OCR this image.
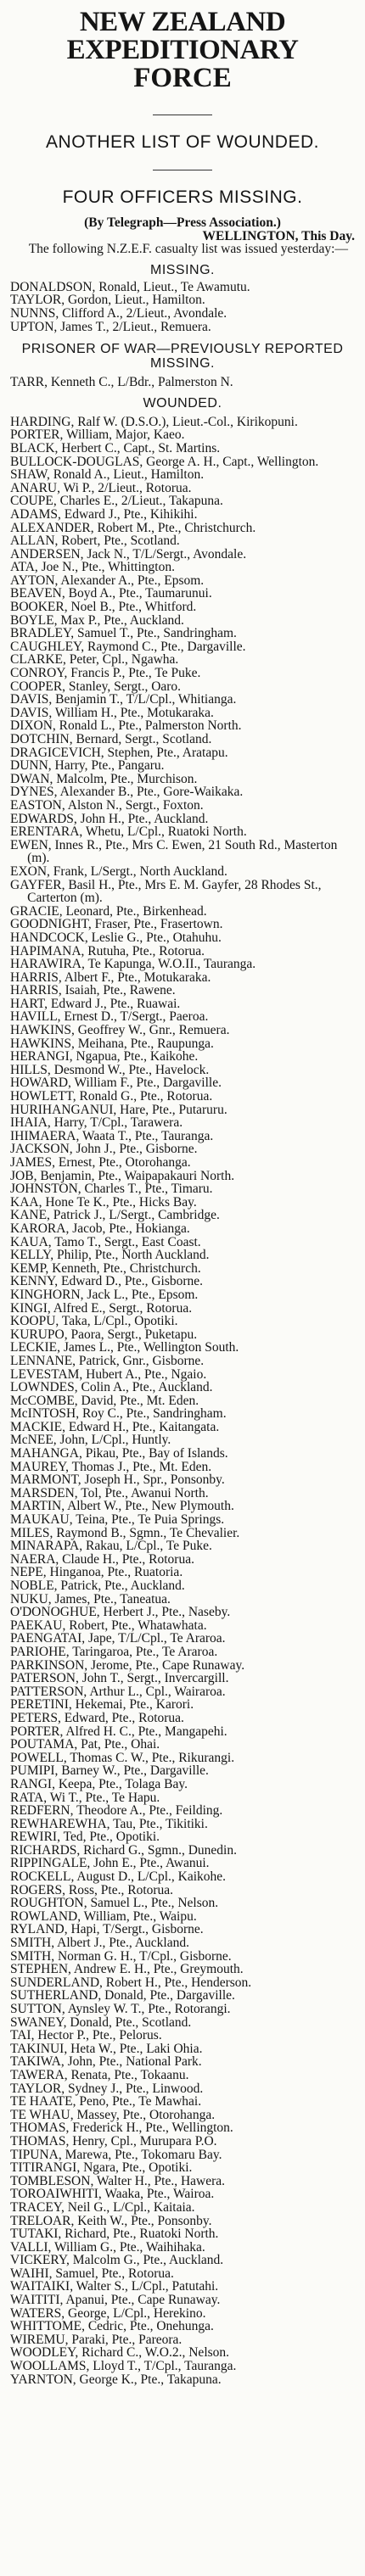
NEW ZEALAND EXPEDITIONARY
FORCE
ANOTHER LIST OF WOUNDED.
FOUR OFFICERS MISSING.
(By Telegraph—Press Association.)
WELLINGTON, This Day.
The following N.Z.E.F. casualty list was issued yesterday:—
MISSING.
DONALDSON, Ronald, Lieut., Te Awamutu.
TAYLOR, Gordon, Lieut., Hamilton.
NUNNS, Clifford A., 2/Lieut., Avondale.
UPTON, James T., 2/Lieut., Remuera.
PRISONER OF WAR—PREVIOUSLY REPORTED MISSING.
TARR, Kenneth C., L/Bdr., Palmerston N.
WOUNDED.
HARDING, Ralf W. (D.S.O.), Lieut.-Col., Kirikopuni.
PORTER, William, Major, Kaeo.
BLACK, Herbert C., Capt., St. Martins.
BULLOCK-DOUGLAS, George A. H., Capt., Wellington.
SHAW, Ronald A., Lieut., Hamilton.
ANARU, Wi P., 2/Lieut., Rotorua.
COUPE, Charles E., 2/Lieut., Takapuna.
ADAMS, Edward J., Pte., Kihikihi.
ALEXANDER, Robert M., Pte., Christchurch.
ALLAN, Robert, Pte., Scotland.
ANDERSEN, Jack N., T/L/Sergt., Avondale.
ATA, Joe N., Pte., Whittington.
AYTON, Alexander A., Pte., Epsom.
BEAVEN, Boyd A., Pte., Taumarunui.
BOOKER, Noel B., Pte., Whitford.
BOYLE, Max P., Pte., Auckland.
BRADLEY, Samuel T., Pte., Sandringham.
CAUGHLEY, Raymond C., Pte., Dargaville.
CLARKE, Peter, Cpl., Ngawha.
CONROY, Francis P., Pte., Te Puke.
COOPER, Stanley, Sergt., Oaro.
DAVIS, Benjamin T., T/L/Cpl., Whitianga.
DAVIS, William H., Pte., Motukaraka.
DIXON, Ronald L., Pte., Palmerston North.
DOTCHIN, Bernard, Sergt., Scotland.
DRAGICEVICH, Stephen, Pte., Aratapu.
DUNN, Harry, Pte., Pangaru.
DWAN, Malcolm, Pte., Murchison.
DYNES, Alexander B., Pte., Gore-Waikaka.
EASTON, Alston N., Sergt., Foxton.
EDWARDS, John H., Pte., Auckland.
ERENTARA, Whetu, L/Cpl., Ruatoki North.
EWEN, Innes R., Pte., Mrs C. Ewen, 21 South Rd., Masterton (m).
EXON, Frank, L/Sergt., North Auckland.
GAYFER, Basil H., Pte., Mrs E. M. Gayfer, 28 Rhodes St., Carterton (m).
GRACIE, Leonard, Pte., Birkenhead.
GOODNIGHT, Fraser, Pte., Frasertown.
HANDCOCK, Leslie G., Pte., Otahuhu.
HAPIMANA, Rutuha, Pte., Rotorua.
HARAWIRA, Te Kapunga, W.O.II., Tauranga.
HARRIS, Albert F., Pte., Motukaraka.
HARRIS, Isaiah, Pte., Rawene.
HART, Edward J., Pte., Ruawai.
HAVILL, Ernest D., T/Sergt., Paeroa.
HAWKINS, Geoffrey W., Gnr., Remuera.
HAWKINS, Meihana, Pte., Raupunga.
HERANGI, Ngapua, Pte., Kaikohe.
HILLS, Desmond W., Pte., Havelock.
HOWARD, William F., Pte., Dargaville.
HOWLETT, Ronald G., Pte., Rotorua.
HURIHANGANUI, Hare, Pte., Putaruru.
IHAIA, Harry, T/Cpl., Tarawera.
IHIMAERA, Waata T., Pte., Tauranga.
JACKSON, John J., Pte., Gisborne.
JAMES, Ernest, Pte., Otorohanga.
JOB, Benjamin, Pte., Waipapakauri North.
JOHNSTON, Charles T., Pte., Timaru.
KAA, Hone Te K., Pte., Hicks Bay.
KANE, Patrick J., L/Sergt., Cambridge.
KARORA, Jacob, Pte., Hokianga.
KAUA, Tamo T., Sergt., East Coast.
KELLY, Philip, Pte., North Auckland.
KEMP, Kenneth, Pte., Christchurch.
KENNY, Edward D., Pte., Gisborne.
KINGHORN, Jack L., Pte., Epsom.
KINGI, Alfred E., Sergt., Rotorua.
KOOPU, Taka, L/Cpl., Opotiki.
KURUPO, Paora, Sergt., Puketapu.
LECKIE, James L., Pte., Wellington South.
LENNANE, Patrick, Gnr., Gisborne.
LEVESTAM, Hubert A., Pte., Ngaio.
LOWNDES, Colin A., Pte., Auckland.
McCOMBE, David, Pte., Mt. Eden.
McINTOSH, Roy C., Pte., Sandringham.
MACKIE, Edward H., Pte., Kaitangata.
McNEE, John, L/Cpl., Huntly.
MAHANGA, Pikau, Pte., Bay of Islands.
MAUREY, Thomas J., Pte., Mt. Eden.
MARMONT, Joseph H., Spr., Ponsonby.
MARSDEN, Tol, Pte., Awanui North.
MARTIN, Albert W., Pte., New Plymouth.
MAUKAU, Teina, Pte., Te Puia Springs.
MILES, Raymond B., Sgmn., Te Chevalier.
MINARAPA, Rakau, L/Cpl., Te Puke.
NAERA, Claude H., Pte., Rotorua.
NEPE, Hinganoa, Pte., Ruatoria.
NOBLE, Patrick, Pte., Auckland.
NUKU, James, Pte., Taneatua.
O'DONOGHUE, Herbert J., Pte., Naseby.
PAEKAU, Robert, Pte., Whatawhata.
PAENGATAI, Jape, T/L/Cpl., Te Araroa.
PARIOHE, Taringaroa, Pte., Te Araroa.
PARKINSON, Jerome, Pte., Cape Runaway.
PATERSON, John T., Sergt., Invercargill.
PATTERSON, Arthur L., Cpl., Wairaroa.
PERETINI, Hekemai, Pte., Karori.
PETERS, Edward, Pte., Rotorua.
PORTER, Alfred H. C., Pte., Mangapehi.
POUTAMA, Pat, Pte., Ohai.
POWELL, Thomas C. W., Pte., Rikurangi.
PUMIPI, Barney W., Pte., Dargaville.
RANGI, Keepa, Pte., Tolaga Bay.
RATA, Wi T., Pte., Te Hapu.
REDFERN, Theodore A., Pte., Feilding.
REWHAREWHA, Tau, Pte., Tikitiki.
REWIRI, Ted, Pte., Opotiki.
RICHARDS, Richard G., Sgmn., Dunedin.
RIPPINGALE, John E., Pte., Awanui.
ROCKELL, August D., L/Cpl., Kaikohe.
ROGERS, Ross, Pte., Rotorua.
ROUGHTON, Samuel L., Pte., Nelson.
ROWLAND, William, Pte., Waipu.
RYLAND, Hapi, T/Sergt., Gisborne.
SMITH, Albert J., Pte., Auckland.
SMITH, Norman G. H., T/Cpl., Gisborne.
STEPHEN, Andrew E. H., Pte., Greymouth.
SUNDERLAND, Robert H., Pte., Henderson.
SUTHERLAND, Donald, Pte., Dargaville.
SUTTON, Aynsley W. T., Pte., Rotorangi.
SWANEY, Donald, Pte., Scotland.
TAI, Hector P., Pte., Pelorus.
TAKINUI, Heta W., Pte., Laki Ohia.
TAKIWA, John, Pte., National Park.
TAWERA, Renata, Pte., Tokaanu.
TAYLOR, Sydney J., Pte., Linwood.
TE HAATE, Peno, Pte., Te Mawhai.
TE WHAU, Massey, Pte., Otorohanga.
THOMAS, Frederick H., Pte., Wellington.
THOMAS, Henry, Cpl., Murupara P.O.
TIPUNA, Marewa, Pte., Tokomaru Bay.
TITIRANGI, Ngara, Pte., Opotiki.
TOMBLESON, Walter H., Pte., Hawera.
TOROAIWHITI, Waaka, Pte., Wairoa.
TRACEY, Neil G., L/Cpl., Kaitaia.
TRELOAR, Keith W., Pte., Ponsonby.
TUTAKI, Richard, Pte., Ruatoki North.
VALLI, William G., Pte., Waihihaka.
VICKERY, Malcolm G., Pte., Auckland.
WAIHI, Samuel, Pte., Rotorua.
WAITAIKI, Walter S., L/Cpl., Patutahi.
WAITITI, Apanui, Pte., Cape Runaway.
WATERS, George, L/Cpl., Herekino.
WHITTOME, Cedric, Pte., Onehunga.
WIREMU, Paraki, Pte., Pareora.
WOODLEY, Richard C., W.O.2., Nelson.
WOOLLAMS, Lloyd T., T/Cpl., Tauranga.
YARNTON, George K., Pte., Takapuna.
